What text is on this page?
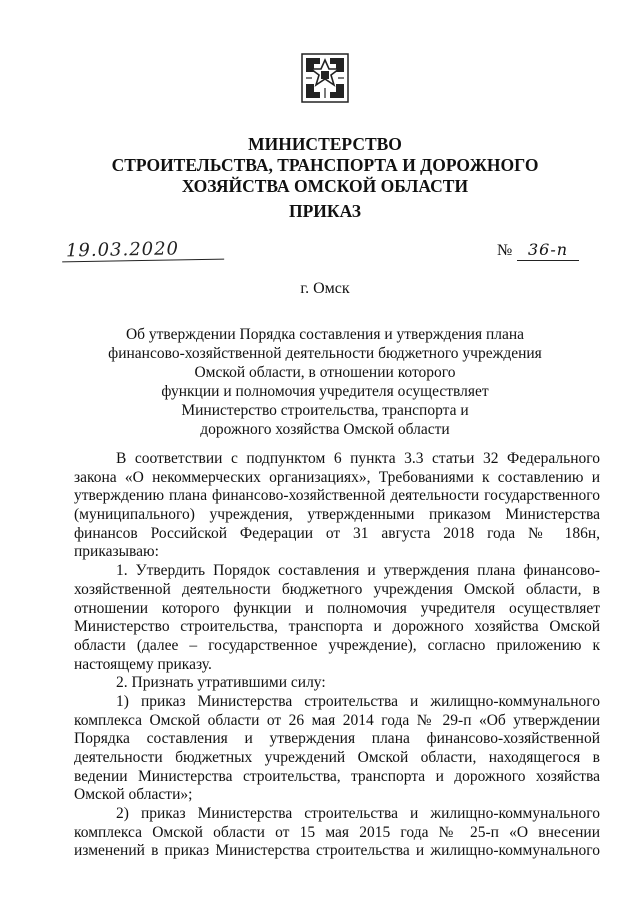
МИНИСТЕРСТВО
СТРОИТЕЛЬСТВА, ТРАНСПОРТА И ДОРОЖНОГО
ХОЗЯЙСТВА ОМСКОЙ ОБЛАСТИ
ПРИКАЗ
19.03.2020	№ 36-п
г. Омск
Об утверждении Порядка составления и утверждения плана
финансово-хозяйственной деятельности бюджетного учреждения
Омской области, в отношении которого
функции и полномочия учредителя осуществляет
Министерство строительства, транспорта и
дорожного хозяйства Омской области
В соответствии с подпунктом 6 пункта 3.3 статьи 32 Федерального
закона «О некоммерческих организациях», Требованиями к составлению и
утверждению плана финансово-хозяйственной деятельности государственного
(муниципального) учреждения, утвержденными приказом Министерства
финансов Российской Федерации от 31 августа 2018 года № 186н,
приказываю:
1. Утвердить Порядок составления и утверждения плана финансово-
хозяйственной деятельности бюджетного учреждения Омской области, в
отношении которого функции и полномочия учредителя осуществляет
Министерство строительства, транспорта и дорожного хозяйства Омской
области (далее – государственное учреждение), согласно приложению к
настоящему приказу.
2. Признать утратившими силу:
1) приказ Министерства строительства и жилищно-коммунального
комплекса Омской области от 26 мая 2014 года № 29-п «Об утверждении
Порядка составления и утверждения плана финансово-хозяйственной
деятельности бюджетных учреждений Омской области, находящегося в
ведении Министерства строительства, транспорта и дорожного хозяйства
Омской области»;
2) приказ Министерства строительства и жилищно-коммунального
комплекса Омской области от 15 мая 2015 года № 25-п «О внесении
изменений в приказ Министерства строительства и жилищно-коммунального
